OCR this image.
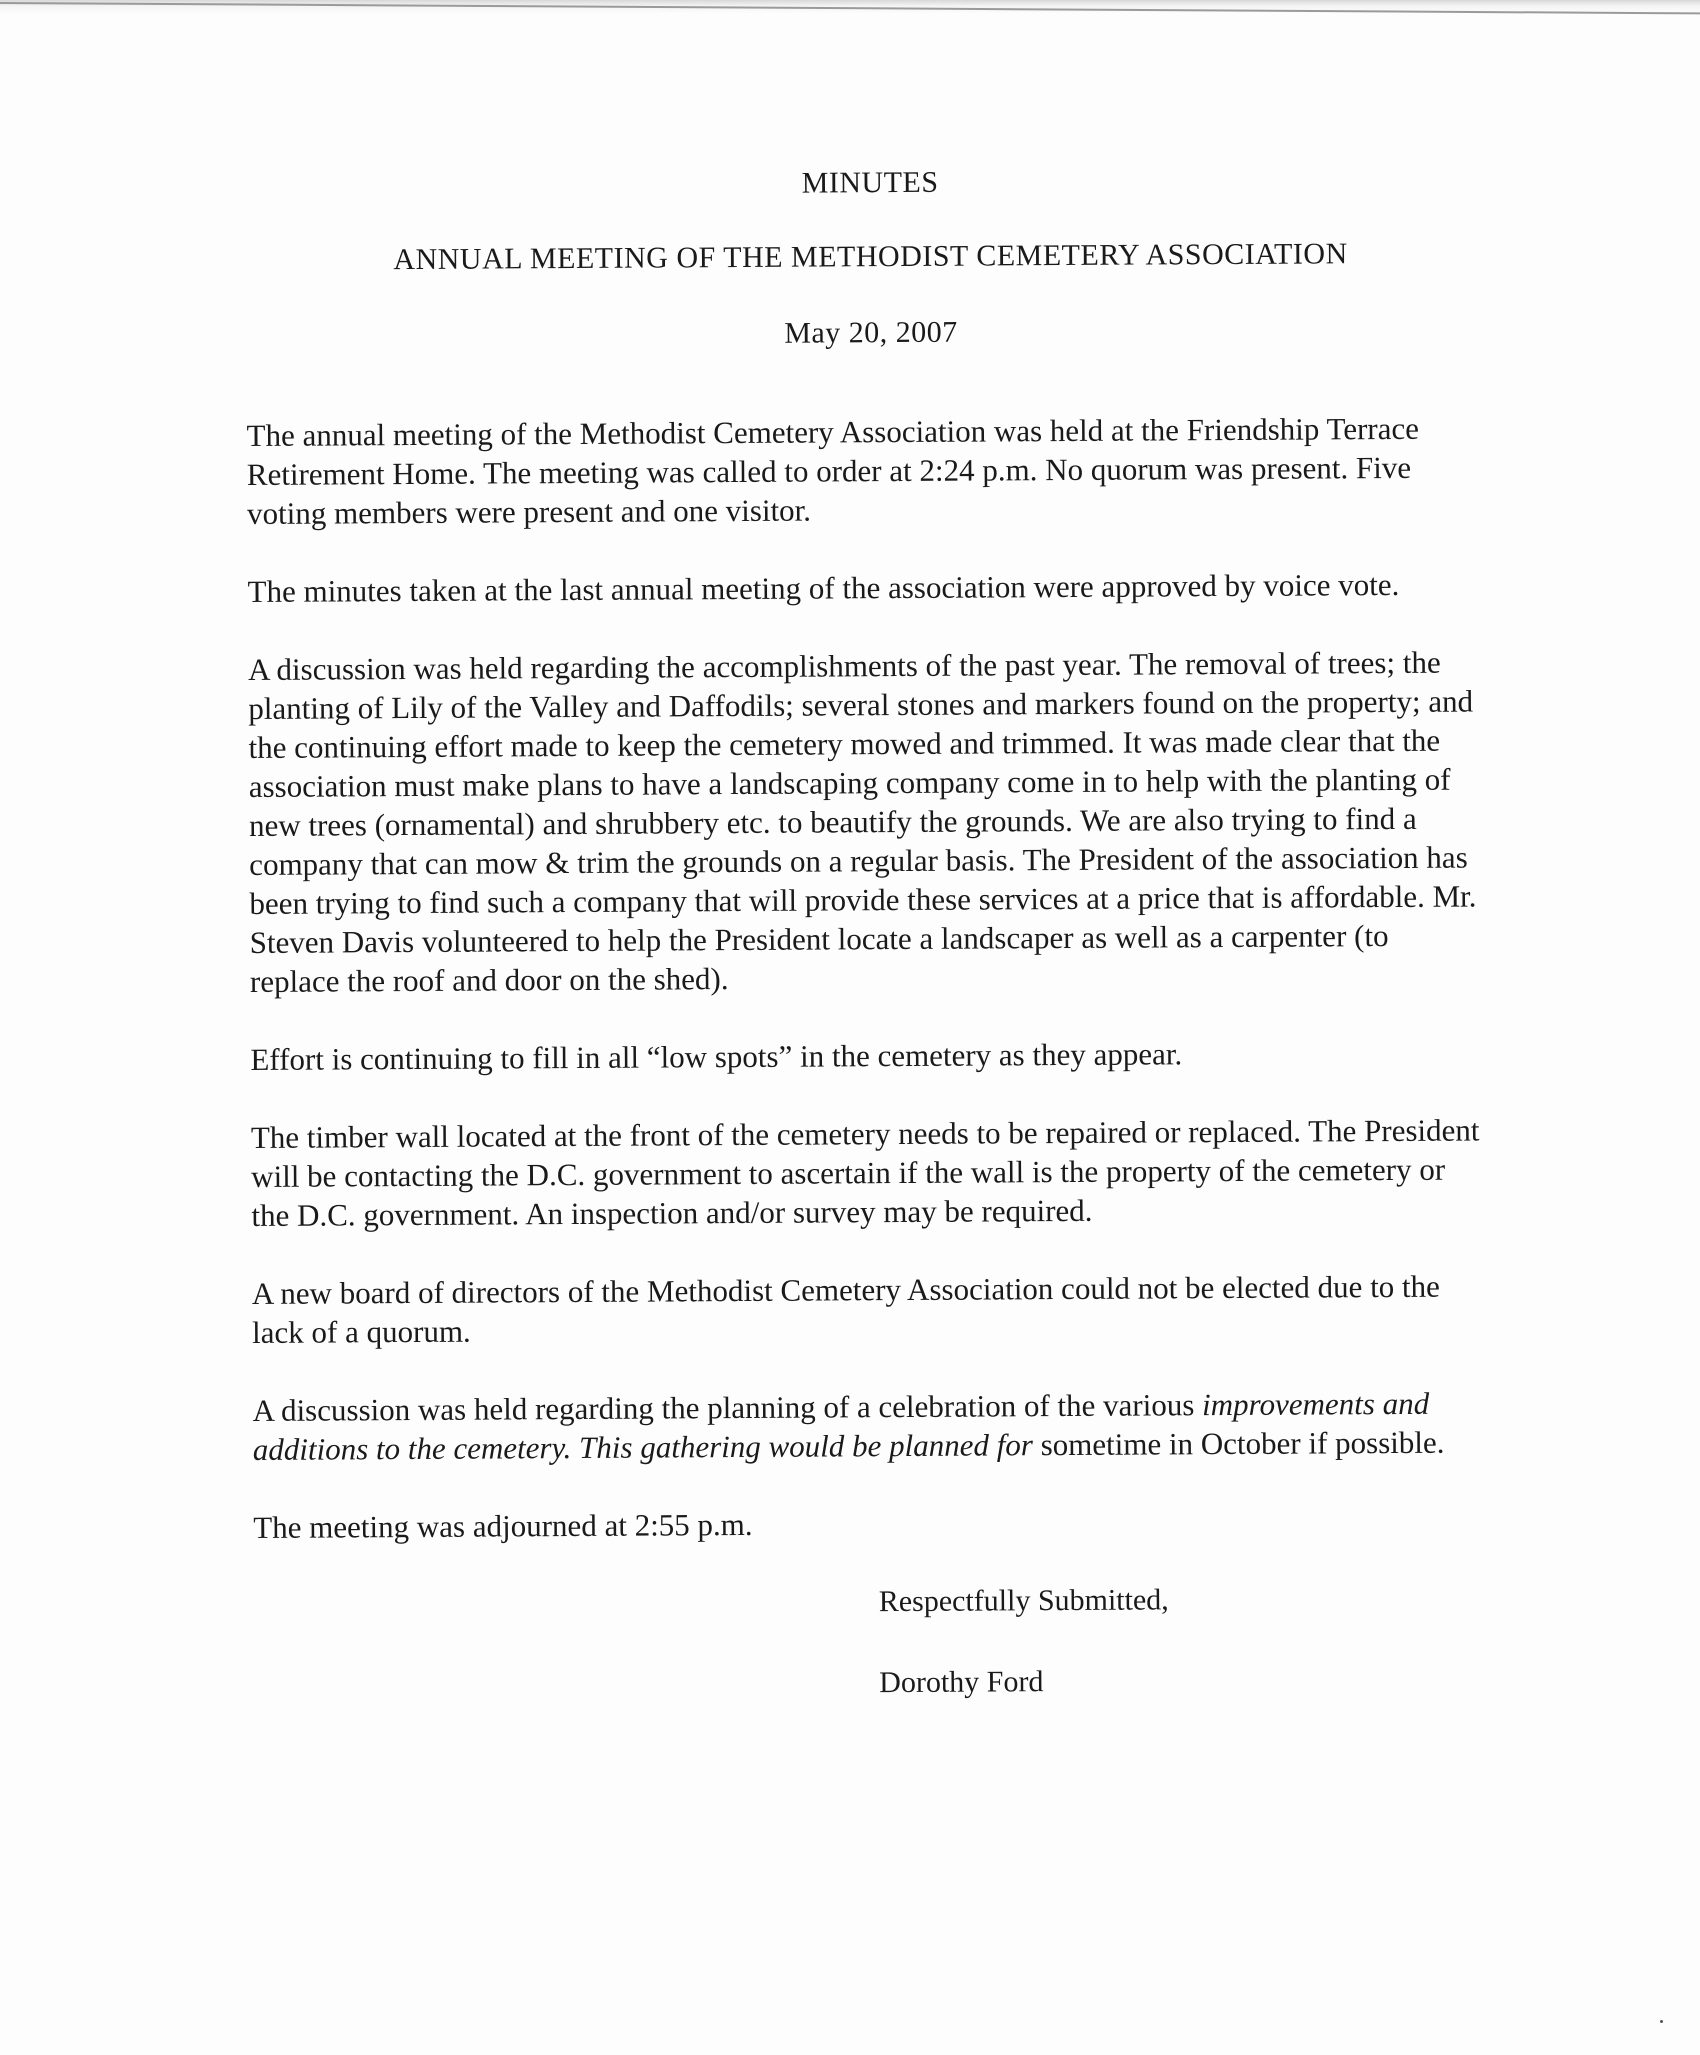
MINUTES

ANNUAL MEETING OF THE METHODIST CEMETERY ASSOCIATION

May 20, 2007

The annual meeting of the Methodist Cemetery Association was held at the Friendship Terrace Retirement Home. The meeting was called to order at 2:24 p.m. No quorum was present. Five voting members were present and one visitor.

The minutes taken at the last annual meeting of the association were approved by voice vote.

A discussion was held regarding the accomplishments of the past year. The removal of trees; the planting of Lily of the Valley and Daffodils; several stones and markers found on the property; and the continuing effort made to keep the cemetery mowed and trimmed. It was made clear that the association must make plans to have a landscaping company come in to help with the planting of new trees (ornamental) and shrubbery etc. to beautify the grounds. We are also trying to find a company that can mow & trim the grounds on a regular basis. The President of the association has been trying to find such a company that will provide these services at a price that is affordable. Mr. Steven Davis volunteered to help the President locate a landscaper as well as a carpenter (to replace the roof and door on the shed).

Effort is continuing to fill in all “low spots” in the cemetery as they appear.

The timber wall located at the front of the cemetery needs to be repaired or replaced. The President will be contacting the D.C. government to ascertain if the wall is the property of the cemetery or the D.C. government. An inspection and/or survey may be required.

A new board of directors of the Methodist Cemetery Association could not be elected due to the lack of a quorum.

A discussion was held regarding the planning of a celebration of the various improvements and additions to the cemetery. This gathering would be planned for sometime in October if possible.

The meeting was adjourned at 2:55 p.m.

Respectfully Submitted,

Dorothy Ford
